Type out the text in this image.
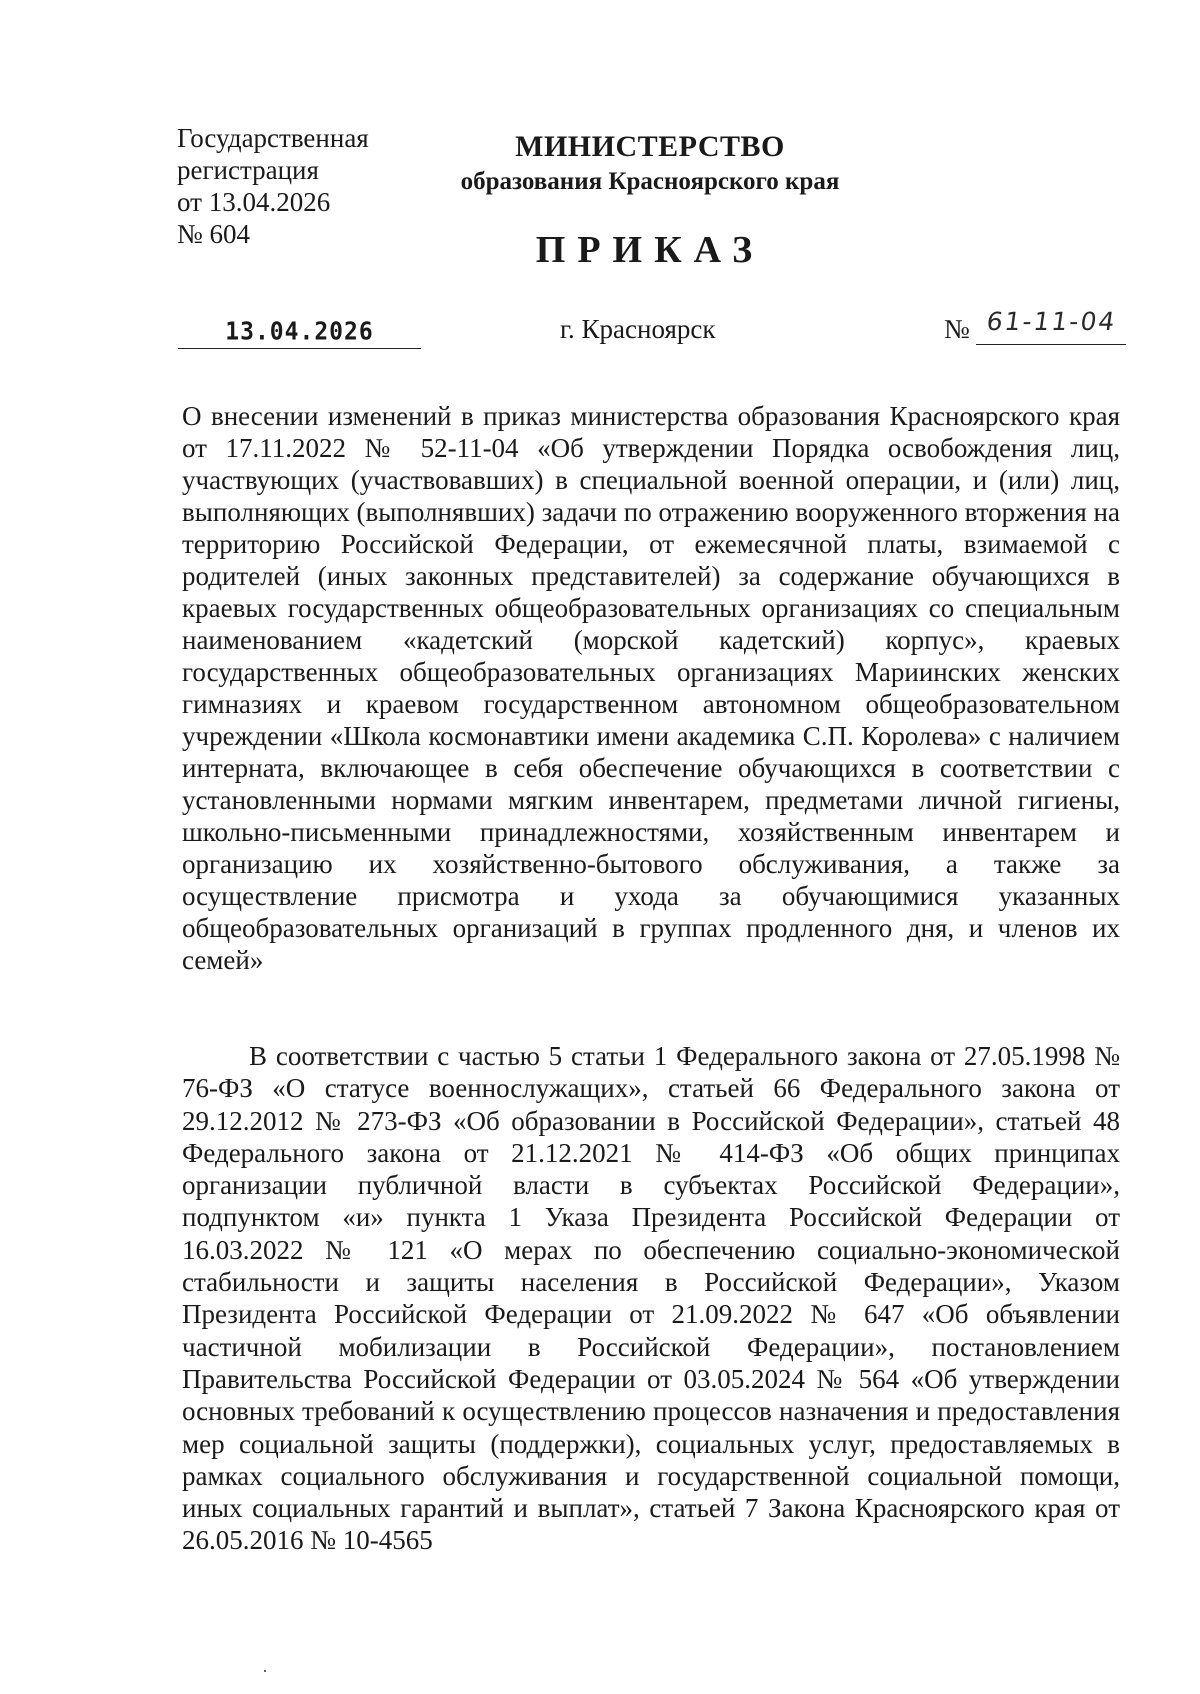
Государственная
регистрация
от 13.04.2026
№ 604
МИНИСТЕРСТВО
образования Красноярского края
ПРИКАЗ
13.04.2026	г. Красноярск	№ 61-11-04
О внесении изменений в приказ министерства образования Красноярского края от 17.11.2022 № 52-11-04 «Об утверждении Порядка освобождения лиц, участвующих (участвовавших) в специальной военной операции, и (или) лиц, выполняющих (выполнявших) задачи по отражению вооруженного вторжения на территорию Российской Федерации, от ежемесячной платы, взимаемой с родителей (иных законных представителей) за содержание обучающихся в краевых государственных общеобразовательных организациях со специальным наименованием «кадетский (морской кадетский) корпус», краевых государственных общеобразовательных организациях Мариинских женских гимназиях и краевом государственном автономном общеобразовательном учреждении «Школа космонавтики имени академика С.П. Королева» с наличием интерната, включающее в себя обеспечение обучающихся в соответствии с установленными нормами мягким инвентарем, предметами личной гигиены, школьно-письменными принадлежностями, хозяйственным инвентарем и организацию их хозяйственно-бытового обслуживания, а также за осуществление присмотра и ухода за обучающимися указанных общеобразовательных организаций в группах продленного дня, и членов их семей»
В соответствии с частью 5 статьи 1 Федерального закона от 27.05.1998 № 76-ФЗ «О статусе военнослужащих», статьей 66 Федерального закона от 29.12.2012 № 273-ФЗ «Об образовании в Российской Федерации», статьей 48 Федерального закона от 21.12.2021 № 414-ФЗ «Об общих принципах организации публичной власти в субъектах Российской Федерации», подпунктом «и» пункта 1 Указа Президента Российской Федерации от 16.03.2022 № 121 «О мерах по обеспечению социально-экономической стабильности и защиты населения в Российской Федерации», Указом Президента Российской Федерации от 21.09.2022 № 647 «Об объявлении частичной мобилизации в Российской Федерации», постановлением Правительства Российской Федерации от 03.05.2024 № 564 «Об утверждении основных требований к осуществлению процессов назначения и предоставления мер социальной защиты (поддержки), социальных услуг, предоставляемых в рамках социального обслуживания и государственной социальной помощи, иных социальных гарантий и выплат», статьей 7 Закона Красноярского края от 26.05.2016 № 10-4565
